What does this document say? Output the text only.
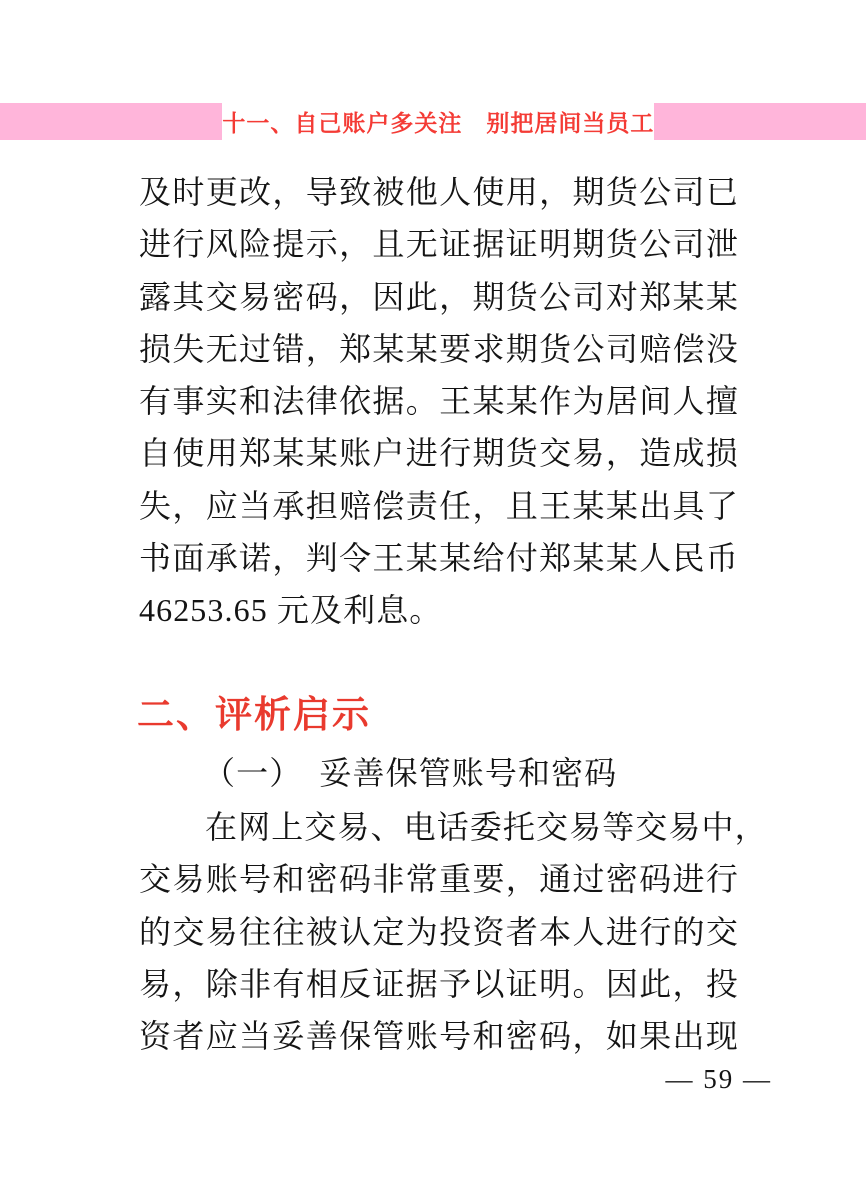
十一、自己账户多关注　别把居间当员工
及时更改，导致被他人使用，期货公司已
进行风险提示，且无证据证明期货公司泄
露其交易密码，因此，期货公司对郑某某
损失无过错，郑某某要求期货公司赔偿没
有事实和法律依据。王某某作为居间人擅
自使用郑某某账户进行期货交易，造成损
失，应当承担赔偿责任，且王某某出具了
书面承诺，判令王某某给付郑某某人民币
46253.65 元及利息。
二、评析启示
（一）　妥善保管账号和密码
在网上交易、电话委托交易等交易中，
交易账号和密码非常重要，通过密码进行
的交易往往被认定为投资者本人进行的交
易，除非有相反证据予以证明。因此，投
资者应当妥善保管账号和密码，如果出现
— 59 —
